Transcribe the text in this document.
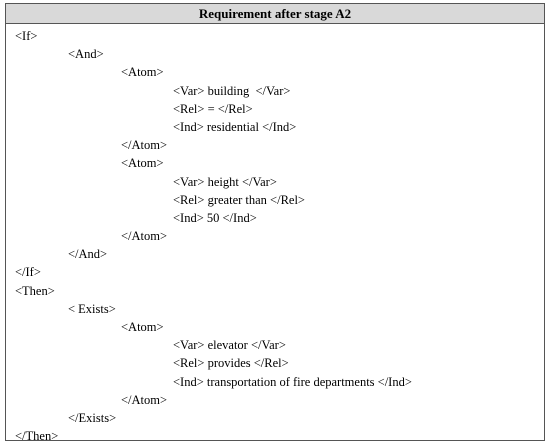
Requirement after stage A2
<If>
<And>
<Atom>
<Var> building  </Var>
<Rel> = </Rel>
<Ind> residential </Ind>
</Atom>
<Atom>
<Var> height </Var>
<Rel> greater than </Rel>
<Ind> 50 </Ind>
</Atom>
</And>
</If>
<Then>
< Exists>
<Atom>
<Var> elevator </Var>
<Rel> provides </Rel>
<Ind> transportation of fire departments </Ind>
</Atom>
</Exists>
</Then>
